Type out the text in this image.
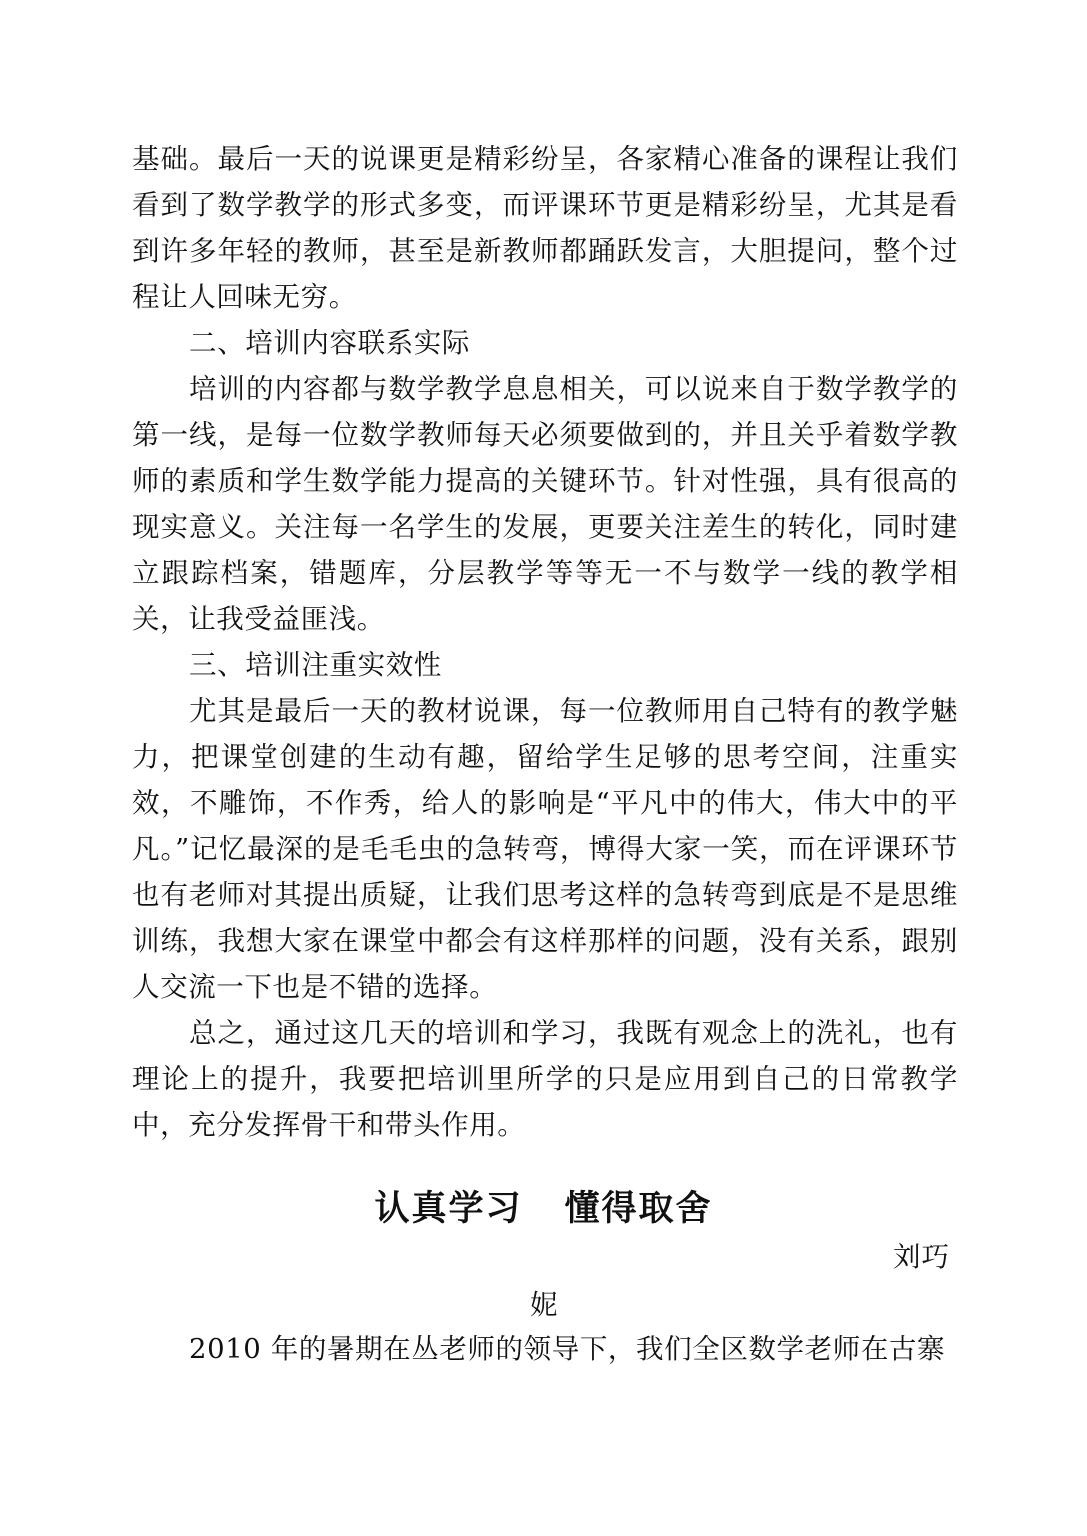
基础。最后一天的说课更是精彩纷呈，各家精心准备的课程让我们看到了数学教学的形式多变，而评课环节更是精彩纷呈，尤其是看到许多年轻的教师，甚至是新教师都踊跃发言，大胆提问，整个过程让人回味无穷。

二、培训内容联系实际

培训的内容都与数学教学息息相关，可以说来自于数学教学的第一线，是每一位数学教师每天必须要做到的，并且关乎着数学教师的素质和学生数学能力提高的关键环节。针对性强，具有很高的现实意义。关注每一名学生的发展，更要关注差生的转化，同时建立跟踪档案，错题库，分层教学等等无一不与数学一线的教学相关，让我受益匪浅。

三、培训注重实效性

尤其是最后一天的教材说课，每一位教师用自己特有的教学魅力，把课堂创建的生动有趣，留给学生足够的思考空间，注重实效，不雕饰，不作秀，给人的影响是“平凡中的伟大，伟大中的平凡。”记忆最深的是毛毛虫的急转弯，博得大家一笑，而在评课环节也有老师对其提出质疑，让我们思考这样的急转弯到底是不是思维训练，我想大家在课堂中都会有这样那样的问题，没有关系，跟别人交流一下也是不错的选择。

总之，通过这几天的培训和学习，我既有观念上的洗礼，也有理论上的提升，我要把培训里所学的只是应用到自己的日常教学中，充分发挥骨干和带头作用。

认真学习 懂得取舍
刘巧
妮
2010 年的暑期在丛老师的领导下，我们全区数学老师在古寨
